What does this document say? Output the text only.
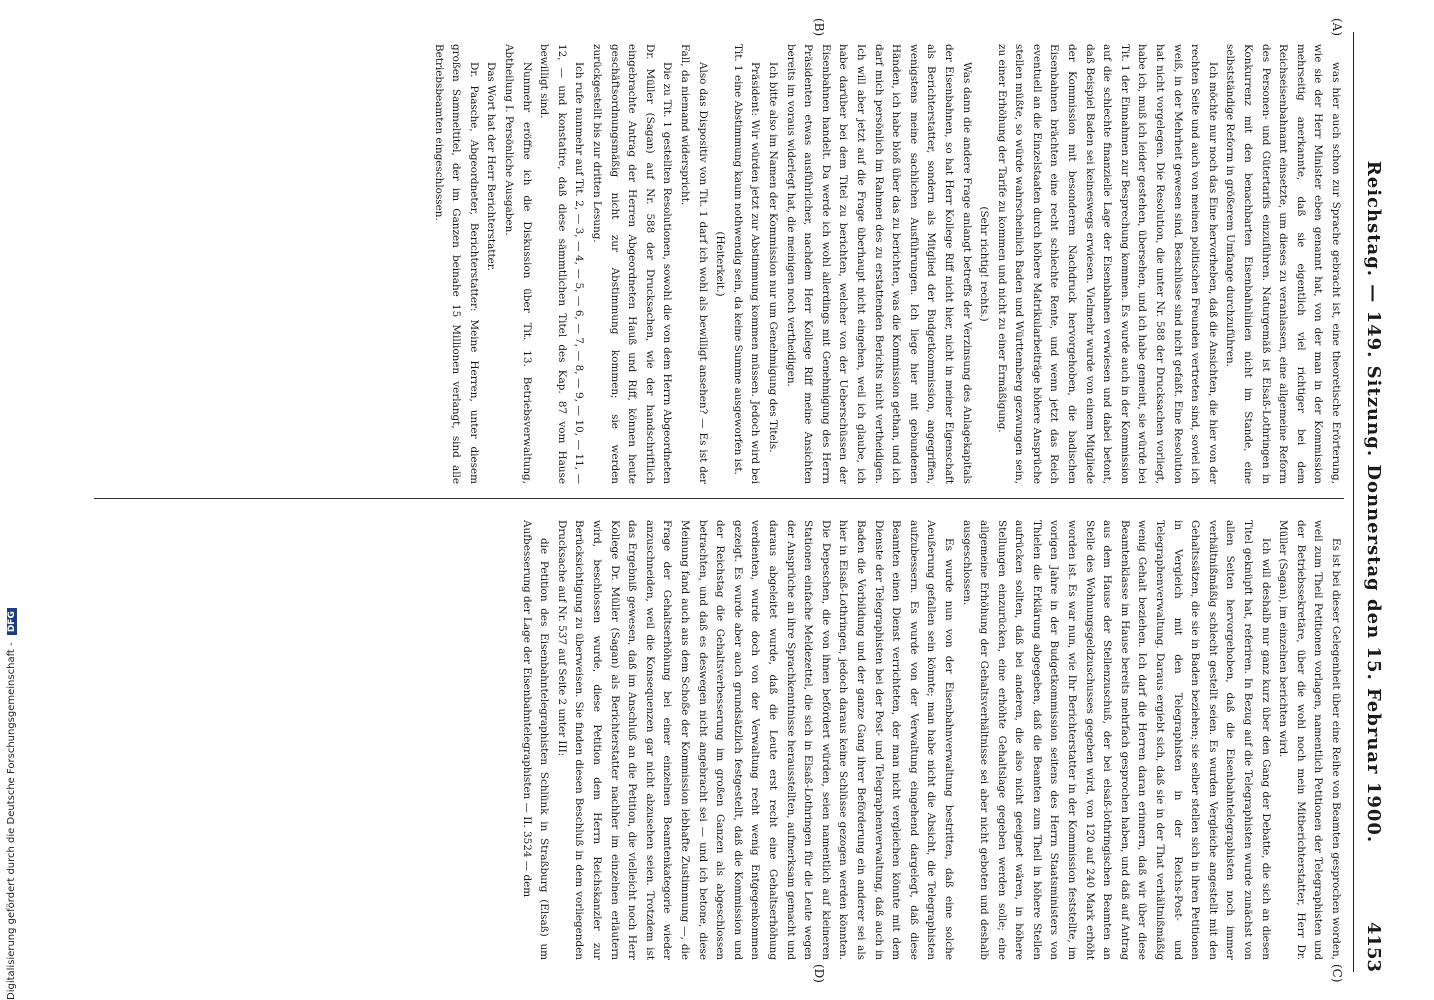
Reichstag. — 149. Sitzung. Donnerstag den 15. Februar 1900.
4153
(A)
(B)
(C)
(D)

was hier auch schon zur Sprache gebracht ist, eine theoretische Erörterung, wie sie der Herr Minister eben genannt hat, von der man in der Kommission mehrseitig anerkannte, daß sie eigentlich viel richtiger bei dem Reichseisenbahnamt einsetzte, um dieses zu veranlassen, eine allgemeine Reform des Personen- und Gütertarifs einzuführen. Naturgemäß ist Elsaß-Lothringen in Konkurrenz mit den benachbarten Eisenbahnlinien nicht im Stande, eine selbstständige Reform in größerem Umfange durchzuführen.

Ich möchte nur noch das Eine hervorheben, daß die Ansichten, die hier von der rechten Seite und auch von meinen politischen Freunden vertreten sind, soviel ich weiß, in der Mehrheit gewesen sind. Beschlüsse sind nicht gefaßt. Eine Resolution hat nicht vorgelegen. Die Resolution, die unter Nr. 588 der Drucksachen vorliegt, habe ich, muß ich leider gestehen, übersehen, und ich habe gemeint, sie würde bei Tit. 1 der Einnahmen zur Besprechung kommen. Es wurde auch in der Kommission auf die schlechte finanzielle Lage der Eisenbahnen verwiesen und dabei betont, daß Beispiel Baden sei keineswegs erwiesen. Vielmehr wurde von einem Mitgliede der Kommission mit besonderem Nachdruck hervorgehoben, die badischen Eisenbahnen brächten eine recht schlechte Rente, und wenn jetzt das Reich eventuell an die Einzelstaaten durch höhere Matrikularbeiträge höhere Ansprüche stellen müßte, so würde wahrscheinlich Baden und Württemberg gezwungen sein, zu einer Erhöhung der Tarife zu kommen und nicht zu einer Ermäßigung.

(Sehr richtig! rechts.)

Was dann die andere Frage anlangt betreffs der Verzinsung des Anlagekapitals der Eisenbahnen, so hat Herr Kollege Riff nicht hier, nicht in meiner Eigenschaft als Berichterstatter, sondern als Mitglied der Budgetkommission, angegriffen, wenigstens meine sachlichen Ausführungen. Ich liege hier mit gebundenen Händen, ich habe bloß über das zu berichten, was die Kommission gethan, und ich darf mich persönlich im Rahmen des zu erstattenden Berichts nicht vertheidigen. Ich will aber jetzt auf die Frage überhaupt nicht eingehen, weil ich glaube, ich habe darüber bei dem Titel zu berichten, welcher von der Ueberschüssen der Eisenbahnen handelt. Da werde ich wohl allerdings mit Genehmigung des Herrn Präsidenten etwas ausführlicher, nachdem Herr Kollege Riff meine Ansichten bereits im voraus widerlegt hat, die meinigen noch vertheidigen.

Ich bitte also im Namen der Kommission nur um Genehmigung des Titels.

Präsident: Wir würden jetzt zur Abstimmung kommen müssen. Jedoch wird bei Tit. 1 eine Abstimmung kaum nothwendig sein, da keine Summe ausgeworfen ist.

(Heiterkeit.)

Also das Dispositiv von Tit. 1 darf ich wohl als bewilligt ansehen? — Es ist der Fall, da niemand widerspricht.

Die zu Tit. 1 gestellten Resolutionen, sowohl die von dem Herrn Abgeordneten Dr. Müller (Sagan) auf Nr. 588 der Drucksachen, wie der handschriftlich eingebrachte Antrag der Herren Abgeordneten Hauß und Riff, können heute geschäftsordnungsmäßig nicht zur Abstimmung kommen; sie werden zurückgestellt bis zur dritten Lesung.

Ich rufe nunmehr auf Tit. 2, — 3, — 4, — 5, — 6, — 7, — 8, — 9, — 10, — 11, — 12, — und konstatire, daß diese sämmtlichen Titel des Kap. 87 vom Hause bewilligt sind.

Nunmehr eröffne ich die Diskussion über Tit. 13. Betriebsverwaltung, Abtheilung I. Persönliche Ausgaben.

Das Wort hat der Herr Berichterstatter.

Dr. Paasche, Abgeordneter, Berichterstatter: Meine Herren, unter diesem großen Sammeltitel, der im Ganzen beinahe 15 Millionen verlangt, sind alle Betriebsbeamten eingeschlossen.

Es ist bei dieser Gelegenheit über eine Reihe von Beamten gesprochen worden, weil zum Theil Petitionen vorlagen, namentlich Petitionen der Telegraphisten und der Betriebssekretäre, über die wohl noch mein Mitberichterstatter, Herr Dr. Müller (Sagan), im einzelnen berichten wird.

Ich will deshalb nur ganz kurz über den Gang der Debatte, die sich an diesen Titel geknüpft hat, referiren. In Bezug auf die Telegraphisten wurde zunächst von allen Seiten hervorgehoben, daß die Eisenbahntelegraphisten noch immer verhältnißmäßig schlecht gestellt seien. Es wurden Vergleiche angestellt mit den Gehaltssätzen, die sie in Baden beziehen; sie selber stellen sich in ihren Petitionen in Vergleich mit den Telegraphisten in der Reichs-Post- und Telegraphenverwaltung. Daraus ergiebt sich, daß sie in der That verhältnißmäßig wenig Gehalt beziehen. Ich darf die Herren daran erinnern, daß wir über diese Beamtenklasse im Hause bereits mehrfach gesprochen haben, und daß auf Antrag aus dem Hause der Stellenzuschuß, der bei elsaß-lothringischen Beamten an Stelle des Wohnungsgeldzuschusses gegeben wird, von 120 auf 240 Mark erhöht worden ist. Es war nun, wie Ihr Berichterstatter in der Kommission feststellte, im vorigen Jahre in der Budgetkommission seitens des Herrn Staatsministers von Thielen die Erklärung abgegeben, daß die Beamten zum Theil in höhere Stellen aufrücken sollten, daß bei anderen, die also nicht geeignet wären, in höhere Stellungen einzurücken, eine erhöhte Gehaltslage gegeben werden solle; eine allgemeine Erhöhung der Gehaltsverhältnisse sei aber nicht geboten und deshalb ausgeschlossen.

Es wurde nun von der Eisenbahnverwaltung bestritten, daß eine solche Aeußerung gefallen sein könnte; man habe nicht die Absicht, die Telegraphisten aufzubessern. Es wurde von der Verwaltung eingehend dargelegt, daß diese Beamten einen Dienst verrichteten, der man nicht vergleichen könnte mit dem Dienste der Telegraphisten bei der Post- und Telegraphenverwaltung, daß auch in Baden die Vorbildung und der ganze Gang ihrer Beförderung ein anderer sei als hier in Elsaß-Lothringen, jedoch daraus keine Schlüsse gezogen werden könnten. Die Depeschen, die von ihnen befördert würden, seien namentlich auf kleineren Stationen einfache Meldezettel, die sich in Elsaß-Lothringen für die Leute wegen der Ansprüche an ihre Sprachkenntnisse herausstellten, aufmerksam gemacht und daraus abgeleitet wurde, daß die Leute erst recht eine Gehaltserhöhung verdienten, wurde doch von der Verwaltung recht wenig Entgegenkommen gezeigt. Es wurde aber auch grundsätzlich festgestellt, daß die Kommission und der Reichstag die Gehaltsverbesserung im großen Ganzen als abgeschlossen betrachten, und daß es deswegen nicht angebracht sei — und ich betone, diese Meinung fand auch aus dem Schoße der Kommission lebhafte Zustimmung —, die Frage der Gehaltserhöhung bei einer einzelnen Beamtenkategorie wieder anzuschneiden, weil die Konsequenzen gar nicht abzusehen seien. Trotzdem ist das Ergebniß gewesen, daß im Anschluß an die Petition, die vielleicht noch Herr Kollege Dr. Müller (Sagan) als Berichterstatter nachher im einzelnen erläutern wird, beschlossen wurde, diese Petition dem Herrn Reichskanzler zur Berücksichtigung zu überweisen. Sie finden diesen Beschluß in dem vorliegenden Drucksache auf Nr. 537 auf Seite 2 unter III:

die Petition des Eisenbahntelegraphisten Schlünk in Straßburg (Elsaß) um Aufbesserung der Lage der Eisenbahntelegraphisten — II. 3524 — dem

Digitalisierung gefördert durch die Deutsche Forschungsgemeinschaft - DFG
